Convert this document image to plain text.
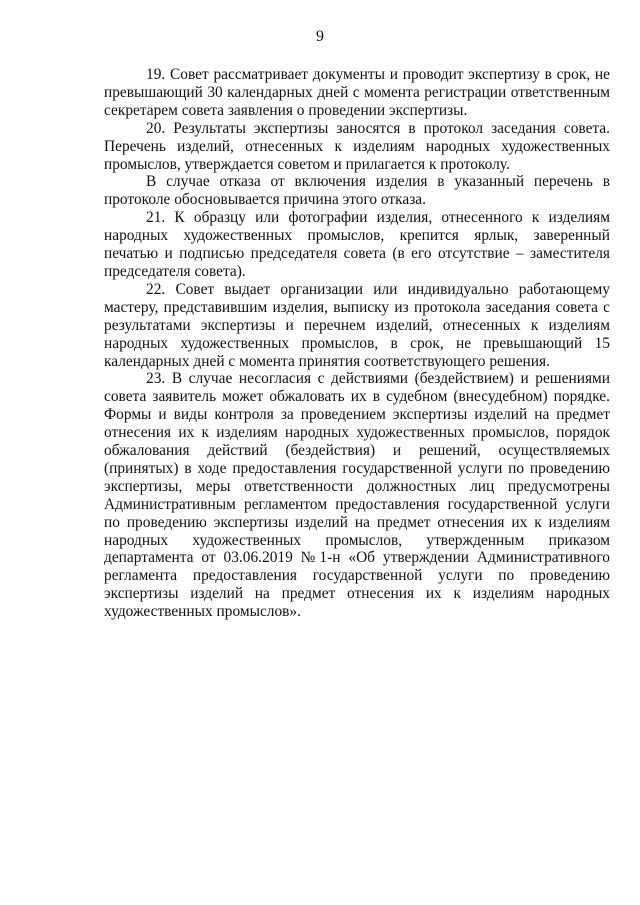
9

19. Совет рассматривает документы и проводит экспертизу в срок, не превышающий 30 календарных дней с момента регистрации ответственным секретарем совета заявления о проведении экспертизы.

20. Результаты экспертизы заносятся в протокол заседания совета. Перечень изделий, отнесенных к изделиям народных художественных промыслов, утверждается советом и прилагается к протоколу.

В случае отказа от включения изделия в указанный перечень в протоколе обосновывается причина этого отказа.

21. К образцу или фотографии изделия, отнесенного к изделиям народных художественных промыслов, крепится ярлык, заверенный печатью и подписью председателя совета (в его отсутствие – заместителя председателя совета).

22. Совет выдает организации или индивидуально работающему мастеру, представившим изделия, выписку из протокола заседания совета с результатами экспертизы и перечнем изделий, отнесенных к изделиям народных художественных промыслов, в срок, не превышающий 15 календарных дней с момента принятия соответствующего решения.

23. В случае несогласия с действиями (бездействием) и решениями совета заявитель может обжаловать их в судебном (внесудебном) порядке. Формы и виды контроля за проведением экспертизы изделий на предмет отнесения их к изделиям народных художественных промыслов, порядок обжалования действий (бездействия) и решений, осуществляемых (принятых) в ходе предоставления государственной услуги по проведению экспертизы, меры ответственности должностных лиц предусмотрены Административным регламентом предоставления государственной услуги по проведению экспертизы изделий на предмет отнесения их к изделиям народных художественных промыслов, утвержденным приказом департамента от 03.06.2019 №1-н «Об утверждении Административного регламента предоставления государственной услуги по проведению экспертизы изделий на предмет отнесения их к изделиям народных художественных промыслов».
